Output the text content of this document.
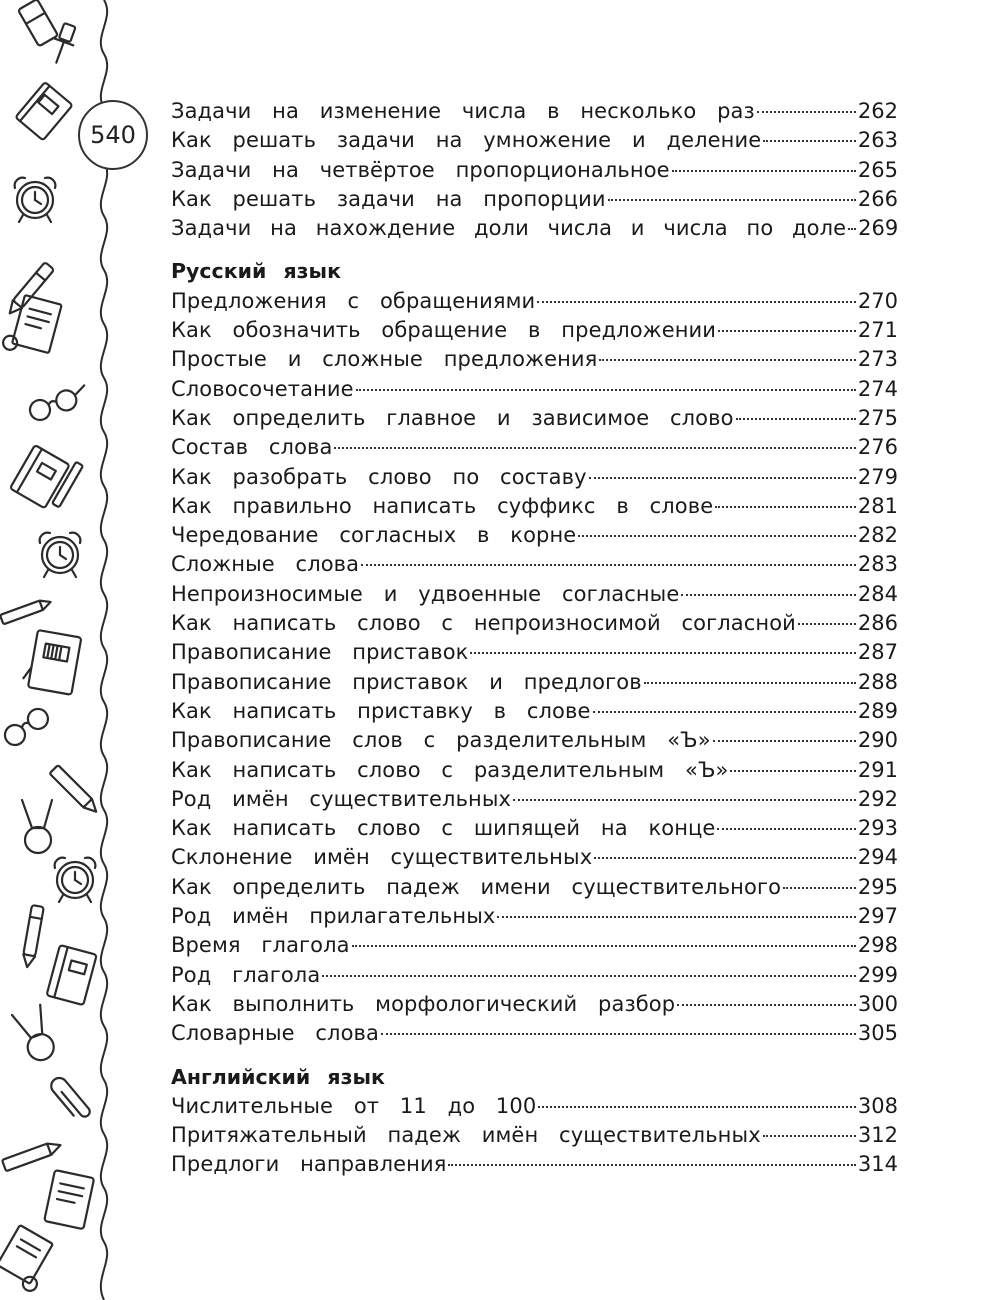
540
Задачи на изменение числа в несколько раз	262
Как решать задачи на умножение и деление	263
Задачи на четвёртое пропорциональное	265
Как решать задачи на пропорции	266
Задачи на нахождение доли числа и числа по доле 269
Русский язык
Предложения с обращениями	270
Как обозначить обращение в предложении	271
Простые и сложные предложения	273
Словосочетание	274
Как определить главное и зависимое слово	275
Состав слова	276
Как разобрать слово по составу	279
Как правильно написать суффикс в слове	281
Чередование согласных в корне	282
Сложные слова	283
Непроизносимые и удвоенные согласные	284
Как написать слово с непроизносимой согласной	286
Правописание приставок	287
Правописание приставок и предлогов	288
Как написать приставку в слове	289
Правописание слов с разделительным «Ъ»	290
Как написать слово с разделительным «Ъ»	291
Род имён существительных	292
Как написать слово с шипящей на конце	293
Склонение имён существительных	294
Как определить падеж имени существительного	295
Род имён прилагательных	297
Время глагола	298
Род глагола	299
Как выполнить морфологический разбор	300
Словарные слова	305
Английский язык
Числительные от 11 до 100	308
Притяжательный падеж имён существительных	312
Предлоги направления	314
